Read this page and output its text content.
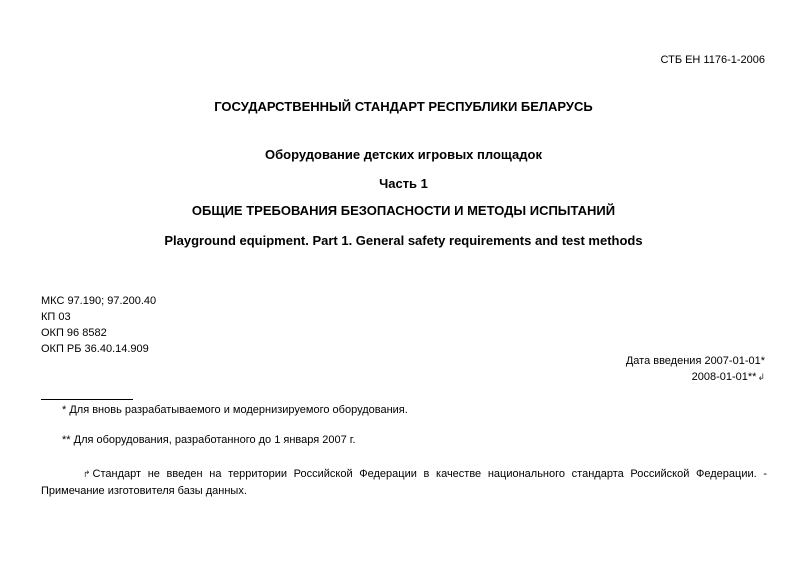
СТБ ЕН 1176-1-2006
ГОСУДАРСТВЕННЫЙ СТАНДАРТ РЕСПУБЛИКИ БЕЛАРУСЬ
Оборудование детских игровых площадок
Часть 1
ОБЩИЕ ТРЕБОВАНИЯ БЕЗОПАСНОСТИ И МЕТОДЫ ИСПЫТАНИЙ
Playground equipment. Part 1. General safety requirements and test methods
МКС 97.190; 97.200.40
КП 03
ОКП 96 8582
ОКП РБ 36.40.14.909
Дата введения 2007-01-01*
2008-01-01**↲
* Для вновь разрабатываемого и модернизируемого оборудования.
** Для оборудования, разработанного до 1 января 2007 г.
↱ Стандарт не введен на территории Российской Федерации в качестве национального стандарта Российской Федерации. - Примечание изготовителя базы данных.
